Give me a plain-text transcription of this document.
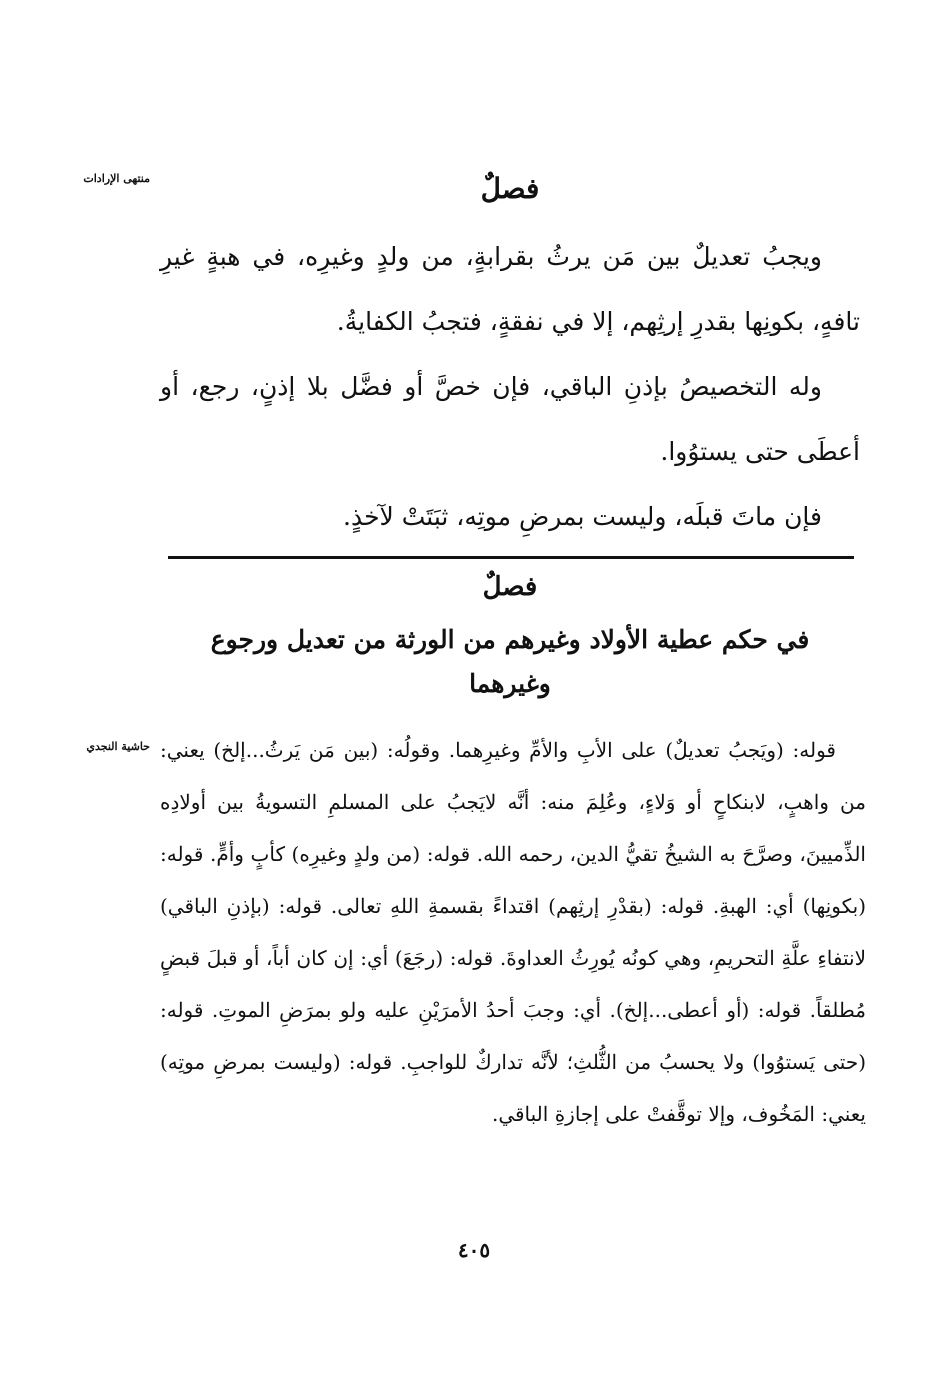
منتهى الإرادات	فصلٌ

ويجبُ تعديلٌ بين مَن يرثُ بقرابةٍ، من ولدٍ وغيرِه، في هبةٍ غيرِ تافهٍ، بكونِها بقدرِ إرثِهم، إلا في نفقةٍ، فتجبُ الكفايةُ.

وله التخصيصُ بإذنِ الباقي، فإن خصَّ أو فضَّل بلا إذنٍ، رجع، أو أعطَى حتى يستوُوا.

فإن ماتَ قبلَه، وليست بمرضِ موتِه، ثبَتَتْ لآخذٍ.

فصلٌ
في حكم عطية الأولاد وغيرهم من الورثة من تعديل ورجوع وغيرهما
حاشية النجدي قوله: (ويَجبُ تعديلٌ) على الأبِ والأمِّ وغيرِهما. وقولُه: (بين مَن يَرثُ...إلخ) يعني: من واهبٍ، لابنكاحٍ أو وَلاءٍ، وعُلِمَ منه: أنَّه لايَجبُ على المسلمِ التسويةُ بين أولادِه الذِّميينَ، وصرَّحَ به الشيخُ تقيُّ الدين، رحمه الله. قوله: (من ولدٍ وغيرِه) كأبٍ وأمٍّ. قوله: (بكونِها) أي: الهبةِ. قوله: (بقدْرِ إرثِهم) اقتداءً بقسمةِ اللهِ تعالى. قوله: (بإذنِ الباقي) لانتفاءِ علَّةِ التحريمِ، وهي كونُه يُورِثُ العداوةَ. قوله: (رجَعَ) أي: إن كان أباً، أو قبلَ قبضٍ مُطلقاً. قوله: (أو أعطى...إلخ). أي: وجبَ أحدُ الأمرَيْنِ عليه ولو بمرَضِ الموتِ. قوله: (حتى يَستوُوا) ولا يحسبُ من الثُّلثِ؛ لأنَّه تداركٌ للواجبِ. قوله: (وليست بمرضِ موتِه) يعني: المَخُوف، وإلا توقَّفتْ على إجازةِ الباقي.

٤٠٥
